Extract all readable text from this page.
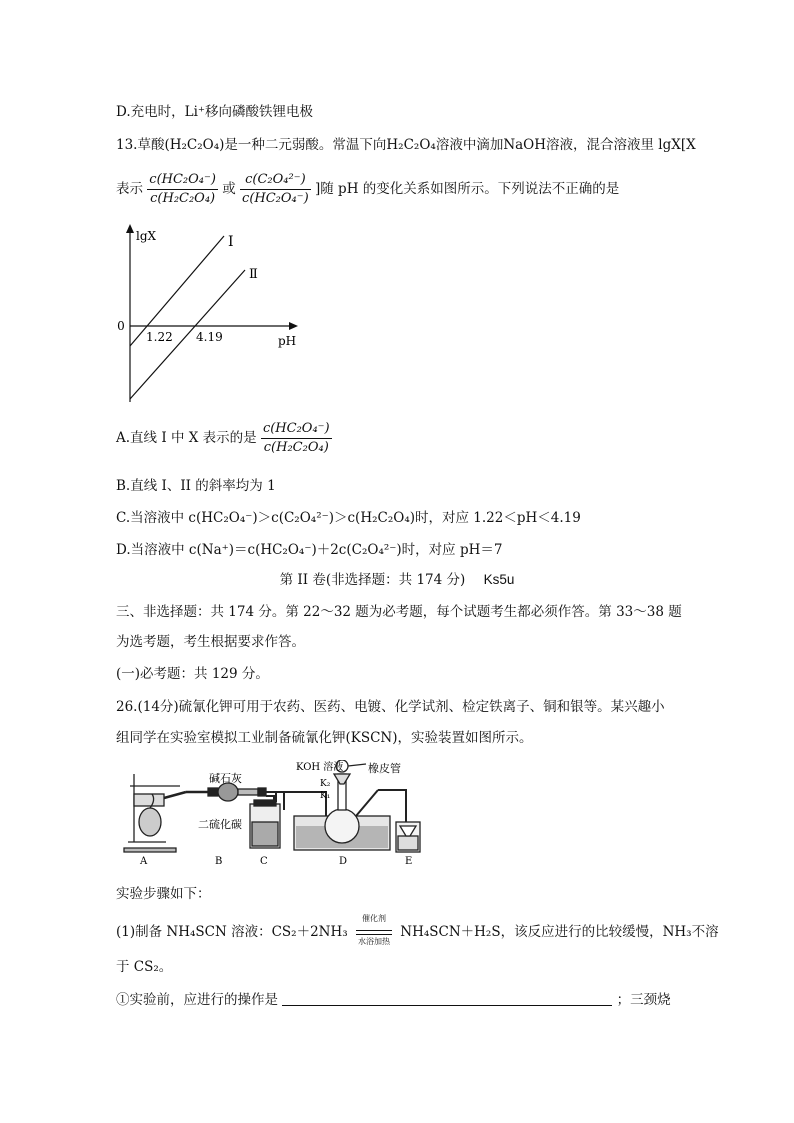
D.充电时，Li⁺移向磷酸铁锂电极
13.草酸(H₂C₂O₄)是一种二元弱酸。常温下向H₂C₂O₄溶液中滴加NaOH溶液，混合溶液里 lgX[X
表示 $\frac{\text{c(HC₂O₄⁻)}}{\text{c(H₂C₂O₄)}}$ 或 $\frac{\text{c(C₂O₄²⁻)}}{\text{c(HC₂O₄⁻)}}$ ]随 pH 的变化关系如图所示。下列说法不正确的是
lgX
0
I
Ⅱ
1.22 4.19	pH
A.直线 I 中 X 表示的是 $\frac{\text{c(HC₂O₄⁻)}}{\text{c(H₂C₂O₄)}}$
B.直线 I、II 的斜率均为 1
C.当溶液中 c(HC₂O₄⁻)＞c(C₂O₄²⁻)＞c(H₂C₂O₄)时，对应 1.22＜pH＜4.19
D.当溶液中 c(Na⁺)＝c(HC₂O₄⁻)＋2c(C₂O₄²⁻)时，对应 pH＝7
第 II 卷(非选择题：共 174 分) Ks5u
三、非选择题：共 174 分。第 22～32 题为必考题，每个试题考生都必须作答。第 33～38 题
为选考题，考生根据要求作答。
(一)必考题：共 129 分。
26.(14分)硫氰化钾可用于农药、医药、电镀、化学试剂、检定铁离子、铜和银等。某兴趣小
组同学在实验室模拟工业制备硫氰化钾(KSCN)，实验装置如图所示。
碱石灰
KOH 溶液 橡皮管
K₂
K₁
二硫化碳
A	B	C	D	E
实验步骤如下：
(1)制备 NH₄SCN 溶液：CS₂＋2NH₃
催化剂
水浴加热
NH₄SCN＋H₂S，该反应进行的比较缓慢，NH₃不溶
于 CS₂。
①实验前，应进行的操作是	；三颈烧
